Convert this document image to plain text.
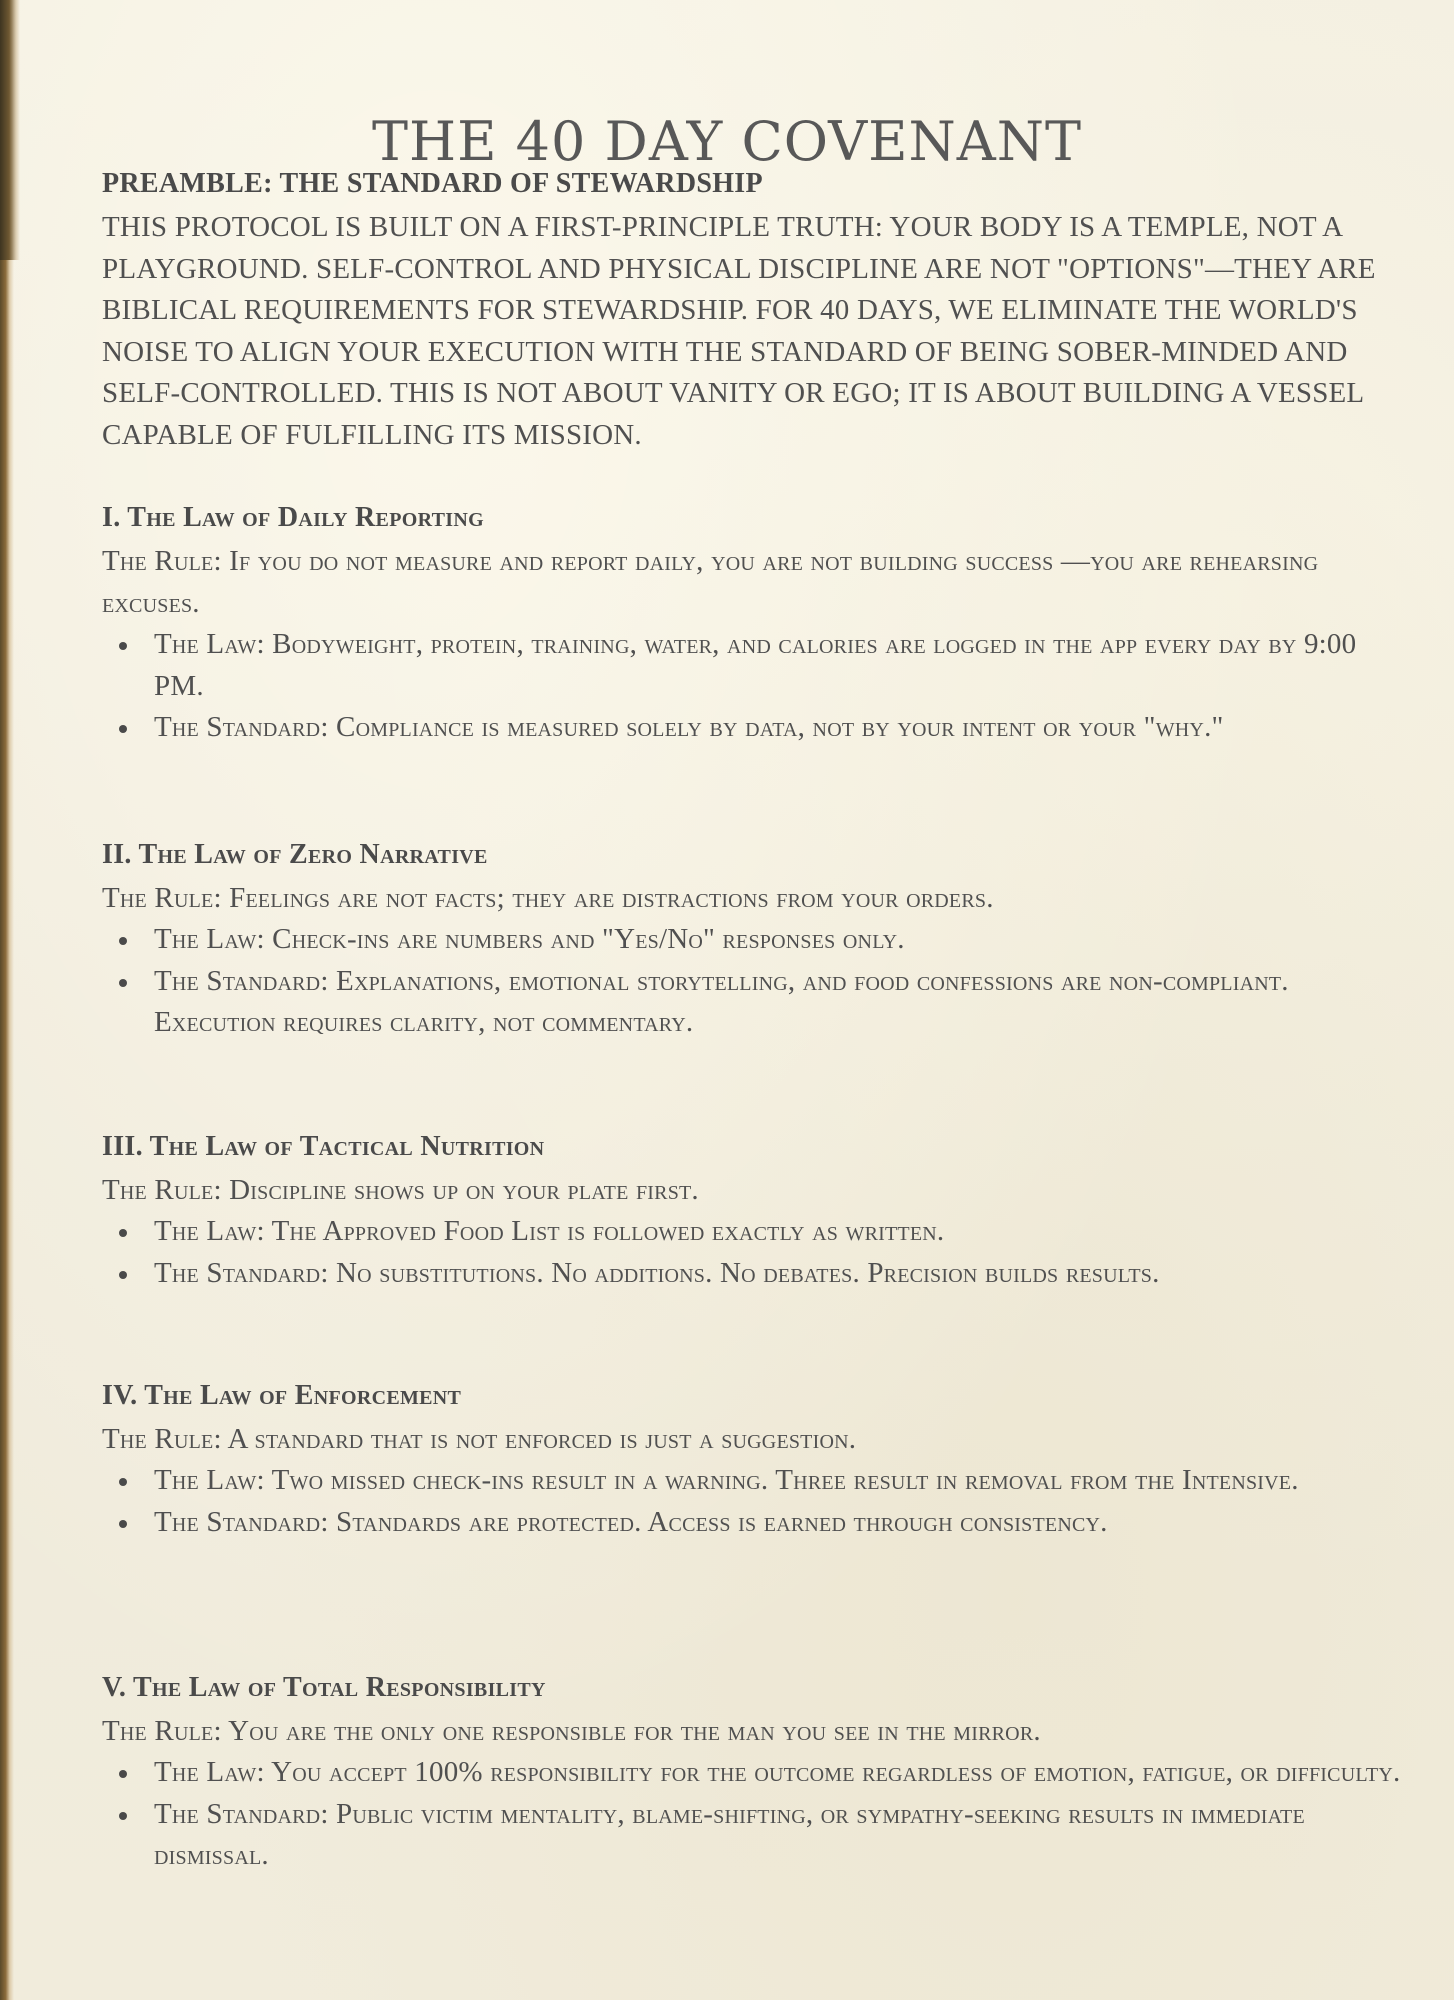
THE 40 DAY COVENANT
PREAMBLE: THE STANDARD OF STEWARDSHIP
THIS PROTOCOL IS BUILT ON A FIRST-PRINCIPLE TRUTH: YOUR BODY IS A TEMPLE, NOT A PLAYGROUND. SELF-CONTROL AND PHYSICAL DISCIPLINE ARE NOT "OPTIONS"—THEY ARE BIBLICAL REQUIREMENTS FOR STEWARDSHIP. FOR 40 DAYS, WE ELIMINATE THE WORLD'S NOISE TO ALIGN YOUR EXECUTION WITH THE STANDARD OF BEING SOBER-MINDED AND SELF-CONTROLLED. THIS IS NOT ABOUT VANITY OR EGO; IT IS ABOUT BUILDING A VESSEL CAPABLE OF FULFILLING ITS MISSION.
I. The Law of Daily Reporting
The Rule: If you do not measure and report daily, you are not building success —you are rehearsing excuses.
The Law: Bodyweight, protein, training, water, and calories are logged in the app every day by 9:00 PM.
The Standard: Compliance is measured solely by data, not by your intent or your "why."
II. The Law of Zero Narrative
The Rule: Feelings are not facts; they are distractions from your orders.
The Law: Check-ins are numbers and "Yes/No" responses only.
The Standard: Explanations, emotional storytelling, and food confessions are non-compliant. Execution requires clarity, not commentary.
III. The Law of Tactical Nutrition
The Rule: Discipline shows up on your plate first.
The Law: The Approved Food List is followed exactly as written.
The Standard: No substitutions. No additions. No debates. Precision builds results.
IV. The Law of Enforcement
The Rule: A standard that is not enforced is just a suggestion.
The Law: Two missed check-ins result in a warning. Three result in removal from the Intensive.
The Standard: Standards are protected. Access is earned through consistency.
V. The Law of Total Responsibility
The Rule: You are the only one responsible for the man you see in the mirror.
The Law: You accept 100% responsibility for the outcome regardless of emotion, fatigue, or difficulty.
The Standard: Public victim mentality, blame-shifting, or sympathy-seeking results in immediate dismissal.
